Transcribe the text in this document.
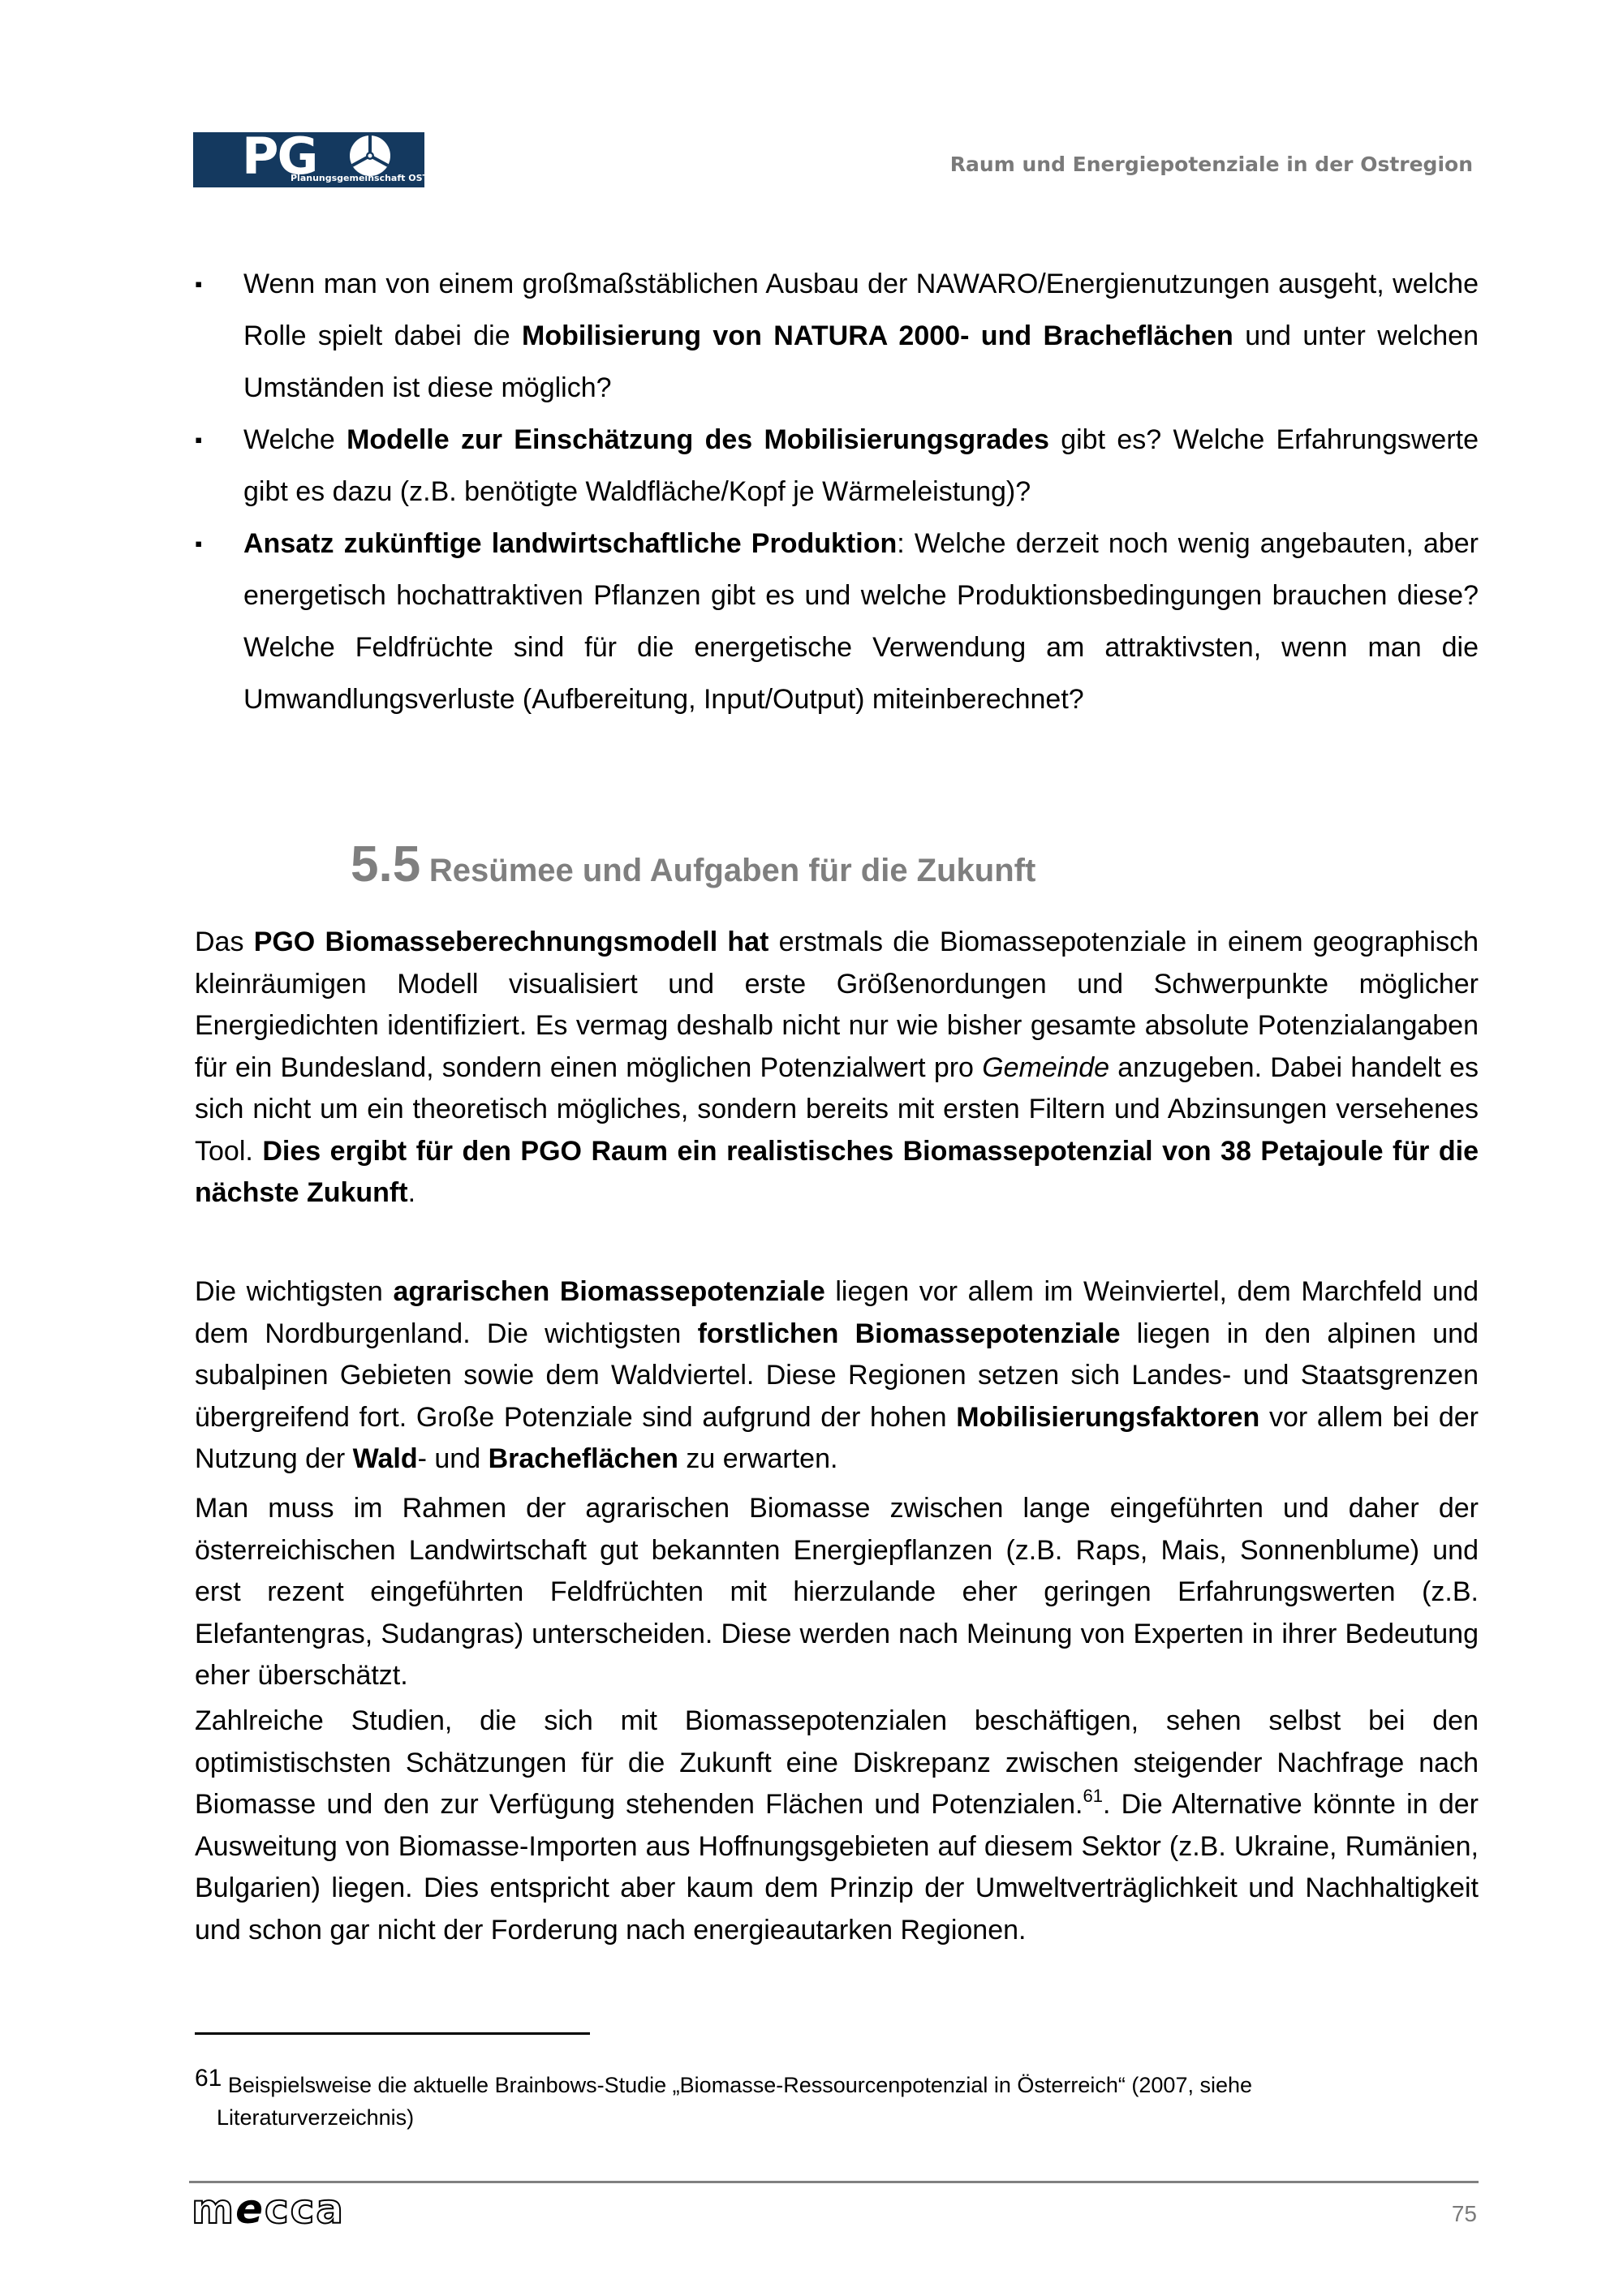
PG
Planungsgemeinschaft OST
Raum und Energiepotenziale in der Ostregion
▪ Wenn man von einem großmaßstäblichen Ausbau der NAWARO/Energienutzungen ausgeht, welche Rolle spielt dabei die Mobilisierung von NATURA 2000- und Bracheflächen und unter welchen Umständen ist diese möglich?
▪ Welche Modelle zur Einschätzung des Mobilisierungsgrades gibt es? Welche Erfahrungswerte gibt es dazu (z.B. benötigte Waldfläche/Kopf je Wärmeleistung)?
▪ Ansatz zukünftige landwirtschaftliche Produktion: Welche derzeit noch wenig angebauten, aber energetisch hochattraktiven Pflanzen gibt es und welche Produktionsbedingungen brauchen diese? Welche Feldfrüchte sind für die energetische Verwendung am attraktivsten, wenn man die Umwandlungsverluste (Aufbereitung, Input/Output) miteinberechnet?
5.5 Resümee und Aufgaben für die Zukunft

Das PGO Biomasseberechnungsmodell hat erstmals die Biomassepotenziale in einem geographisch kleinräumigen Modell visualisiert und erste Größenordungen und Schwerpunkte möglicher Energiedichten identifiziert. Es vermag deshalb nicht nur wie bisher gesamte absolute Potenzialangaben für ein Bundesland, sondern einen möglichen Potenzialwert pro Gemeinde anzugeben. Dabei handelt es sich nicht um ein theoretisch mögliches, sondern bereits mit ersten Filtern und Abzinsungen versehenes Tool. Dies ergibt für den PGO Raum ein realistisches Biomassepotenzial von 38 Petajoule für die nächste Zukunft.

Die wichtigsten agrarischen Biomassepotenziale liegen vor allem im Weinviertel, dem Marchfeld und dem Nordburgenland. Die wichtigsten forstlichen Biomassepotenziale liegen in den alpinen und subalpinen Gebieten sowie dem Waldviertel. Diese Regionen setzen sich Landes- und Staatsgrenzen übergreifend fort. Große Potenziale sind aufgrund der hohen Mobilisierungsfaktoren vor allem bei der Nutzung der Wald- und Bracheflächen zu erwarten.

Man muss im Rahmen der agrarischen Biomasse zwischen lange eingeführten und daher der österreichischen Landwirtschaft gut bekannten Energiepflanzen (z.B. Raps, Mais, Sonnenblume) und erst rezent eingeführten Feldfrüchten mit hierzulande eher geringen Erfahrungswerten (z.B. Elefantengras, Sudangras) unterscheiden. Diese werden nach Meinung von Experten in ihrer Bedeutung eher überschätzt.

Zahlreiche Studien, die sich mit Biomassepotenzialen beschäftigen, sehen selbst bei den optimistischsten Schätzungen für die Zukunft eine Diskrepanz zwischen steigender Nachfrage nach Biomasse und den zur Verfügung stehenden Flächen und Potenzialen.$^{61}$. Die Alternative könnte in der Ausweitung von Biomasse-Importen aus Hoffnungsgebieten auf diesem Sektor (z.B. Ukraine, Rumänien, Bulgarien) liegen. Dies entspricht aber kaum dem Prinzip der Umweltverträglichkeit und Nachhaltigkeit und schon gar nicht der Forderung nach energieautarken Regionen.

61 Beispielsweise die aktuelle Brainbows-Studie „Biomasse-Ressourcenpotenzial in Österreich“ (2007, siehe
Literaturverzeichnis)
mecca	75
